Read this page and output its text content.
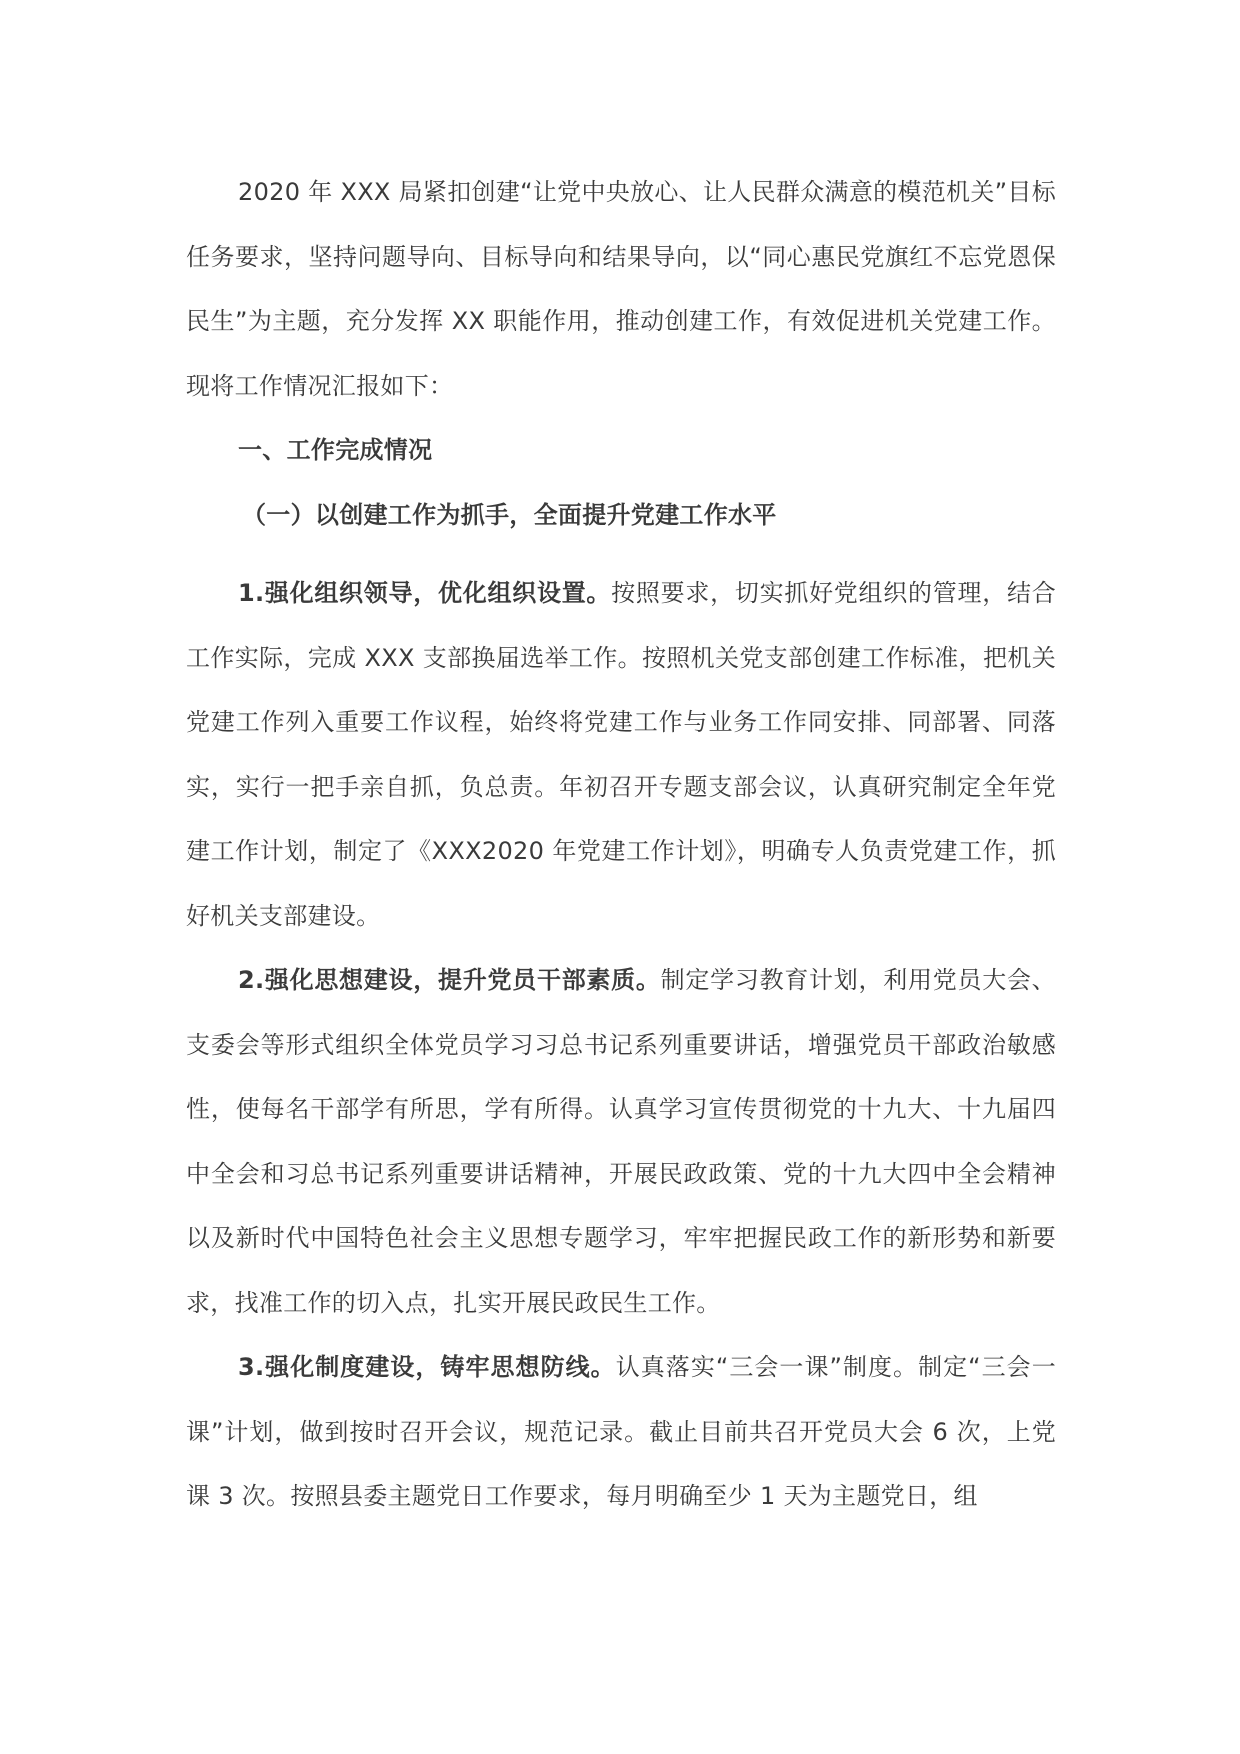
2020 年 XXX 局紧扣创建“让党中央放心、让人民群众满意的模范机关”目标任务要求，坚持问题导向、目标导向和结果导向，以“同心惠民党旗红不忘党恩保民生”为主题，充分发挥 XX 职能作用，推动创建工作，有效促进机关党建工作。现将工作情况汇报如下：

一、工作完成情况

（一）以创建工作为抓手，全面提升党建工作水平

1.强化组织领导，优化组织设置。按照要求，切实抓好党组织的管理，结合工作实际，完成 XXX 支部换届选举工作。按照机关党支部创建工作标准，把机关党建工作列入重要工作议程，始终将党建工作与业务工作同安排、同部署、同落实，实行一把手亲自抓，负总责。年初召开专题支部会议，认真研究制定全年党建工作计划，制定了《XXX2020 年党建工作计划》，明确专人负责党建工作，抓好机关支部建设。

2.强化思想建设，提升党员干部素质。制定学习教育计划，利用党员大会、支委会等形式组织全体党员学习习总书记系列重要讲话，增强党员干部政治敏感性，使每名干部学有所思，学有所得。认真学习宣传贯彻党的十九大、十九届四中全会和习总书记系列重要讲话精神，开展民政政策、党的十九大四中全会精神以及新时代中国特色社会主义思想专题学习，牢牢把握民政工作的新形势和新要求，找准工作的切入点，扎实开展民政民生工作。

3.强化制度建设，铸牢思想防线。认真落实“三会一课”制度。制定“三会一课”计划，做到按时召开会议，规范记录。截止目前共召开党员大会 6 次，上党课 3 次。按照县委主题党日工作要求，每月明确至少 1 天为主题党日，组
